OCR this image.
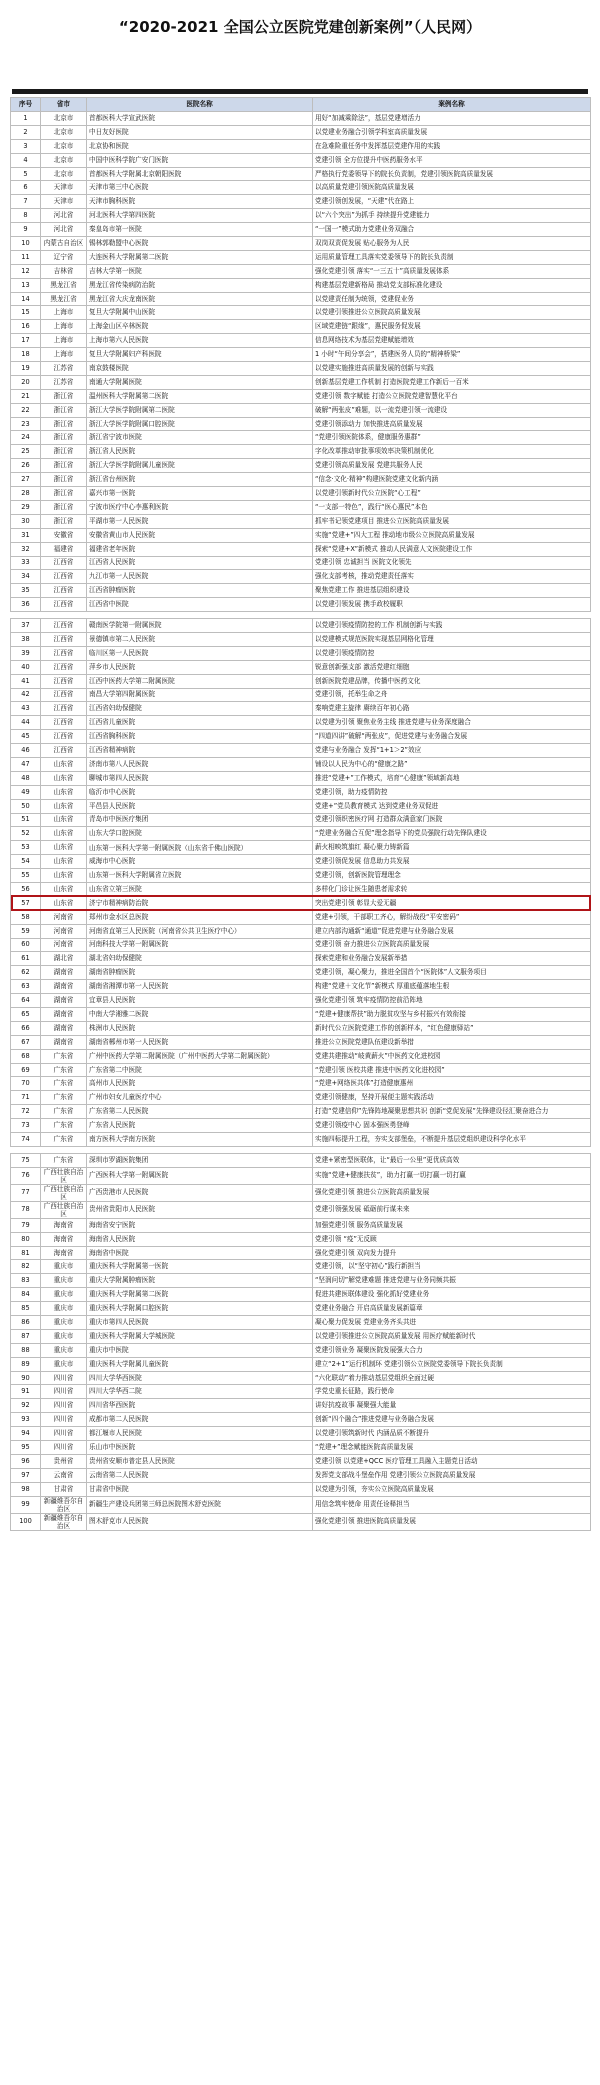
“2020-2021 全国公立医院党建创新案例”（人民网）
序号	省市	医院名称	案例名称
1	北京市	首都医科大学宣武医院	用好“加减乘除法”，基层党建增活力
2	北京市	中日友好医院	以党建业务融合引领学科室高质量发展
3	北京市	北京协和医院	在急难险重任务中发挥基层党建作用的实践
4	北京市	中国中医科学院广安门医院	党建引领 全方位提升中医药服务水平
5	北京市	首都医科大学附属北京朝阳医院	严格执行党委领导下的院长负责制，党建引领医院高质量发展
6	天津市	天津市第三中心医院	以高质量党建引领医院高质量发展
7	天津市	天津市胸科医院	党建引领创发展，“天建”代在路上
8	河北省	河北医科大学第四医院	以“六个突出”为抓手 持续提升党建能力
9	河北省	秦皇岛市第一医院	“一国一”模式助力党建业务双融合
10	内蒙古自治区	锡林郭勒盟中心医院	双岗双责促发展 贴心服务为人民
11	辽宁省	大连医科大学附属第二医院	运用质量管理工具落实党委领导下的院长负责制
12	吉林省	吉林大学第一医院	强化党建引领 落实“一三五十”高质量发展体系
13	黑龙江省	黑龙江省传染病防治院	构建基层党建新格局 推动党支部标准化建设
14	黑龙江省	黑龙江省大庆龙南医院	以党建责任制为统领，党建促业务
15	上海市	复旦大学附属中山医院	以党建引领推进公立医院高质量发展
16	上海市	上海金山区卒林医院	区域党建链“跟缘”，惠民服务促发展
17	上海市	上海市第六人民医院	信息网络技术为基层党建赋能增效
18	上海市	复旦大学附属妇产科医院	1 小时“午间分享会”，搭建医务人员的“精神桥梁”
19	江苏省	南京鼓楼医院	以党建实施推进高质量发展的创新与实践
20	江苏省	南通大学附属医院	创新基层党建工作机制 打造医院党建工作新后一百米
21	浙江省	温州医科大学附属第二医院	党建引领 数字赋能 打造公立医院党建智慧化平台
22	浙江省	浙江大学医学院附属第二医院	破解“两张皮”难题，以一流党建引领一流建设
23	浙江省	浙江大学医学院附属口腔医院	党建引领添动力 加快推进高质量发展
24	浙江省	浙江省宁波市医院	“党建引领医院体系，健康服务惠群”
25	浙江省	浙江省人民医院	字化改革推动审批事项效率决策机制优化
26	浙江省	浙江大学医学院附属儿童医院	党建引领高质量发展 党建共服务人民
27	浙江省	浙江省台州医院	“信念·文化·精神”构建医院党建文化新内涵
28	浙江省	嘉兴市第一医院	以党建引领新时代公立医院“心工程”
29	浙江省	宁波市医疗中心李惠利医院	“一支部一特色”，践行“医心惠民”本色
30	浙江省	平湖市第一人民医院	抓牢书记领党建项目 推进公立医院高质量发展
31	安徽省	安徽省黄山市人民医院	实施“党建+”四大工程 推动地市级公立医院高质量发展
32	福建省	福建省老年医院	探索“党建+X”新模式 推动人民满意人文医院建设工作
33	江西省	江西省人民医院	党建引领 忠诚担当 医院文化领先
34	江西省	九江市第一人民医院	强化支部考核，推动党建责任落实
35	江西省	江西省肿瘤医院	聚焦党建工作 推进基层组织建设
36	江西省	江西省中医院	以党建引领发展 携手政校履职

37	江西省	赣南医学院第一附属医院	以党建引领疫情防控的工作 机制创新与实践
38	江西省	景德镇市第二人民医院	以党建模式规范医院实现基层网格化管理
39	江西省	临川区第一人民医院	以党建引领疫情防控
40	江西省	萍乡市人民医院	锐意创新强支部 激活党建红细胞
41	江西省	江西中医药大学第二附属医院	创新医院党建品牌，传播中医药文化
42	江西省	南昌大学第四附属医院	党建引领，托举生命之舟
43	江西省	江西省妇幼保健院	秦响党建主旋律 赓续百年初心路
44	江西省	江西省儿童医院	以党建为引领 聚焦业务主线 推进党建与业务深度融合
45	江西省	江西省胸科医院	“四道四讲”破解“两张皮”，促进党建与业务融合发展
46	江西省	江西省精神病院	党建与业务融合 发挥“1+1＞2”效应
47	山东省	济南市第八人民医院	铺设以人民为中心的“健康之路”
48	山东省	聊城市第四人民医院	推进“党建+”工作模式，培育“心健康”领域新高地
49	山东省	临沂市中心医院	党建引领，助力疫情防控
50	山东省	平邑县人民医院	党建+”党员教育模式 达到党建业务双促进
51	山东省	青岛市中医医疗集团	党建引领织密医疗网 打造群众满意家门医院
52	山东省	山东大学口腔医院	“党建业务融合互促”理念指导下的党员强院行动先锋队建设
53	山东省	山东第一医科大学第一附属医院（山东省千佛山医院）	薪火相映筑旗红 凝心聚力铸新篇
54	山东省	威海市中心医院	党建引领促发展 信息助力共发展
55	山东省	山东第一医科大学附属省立医院	党建引领，创新医院管理理念
56	山东省	山东省立第三医院	多样化门诊让医生随患者需求转
57	山东省	济宁市精神病防治院	突出党建引领 彰显大爱无疆
58	河南省	郑州市金水区总医院	党建+引领，干部职工齐心，解纷战役“平安密码”
59	河南省	河南省直第三人民医院（河南省公共卫生医疗中心）	建立内部沟通新“通道”促进党建与业务融合发展
60	河南省	河南科技大学第一附属医院	党建引领 奋力推进公立医院高质量发展
61	湖北省	湖北省妇幼保健院	探索党建和业务融合发展新举措
62	湖南省	湖南省肿瘤医院	党建引领，凝心聚力，推进全国首个“医院体”人文服务项目
63	湖南省	湖南省湘潭市第一人民医院	构建“党建＋文化节”新模式 厚重底蕴落地生根
64	湖南省	宜章县人民医院	强化党建引领 筑牢疫情防控前沿阵地
65	湖南省	中南大学湘雅二医院	“党建+健康帮扶”助力脱贫攻坚与乡村振兴有效衔接
66	湖南省	株洲市人民医院	新时代公立医院党建工作的创新样本，“红色健康驿站”
67	湖南省	湖南省郴州市第一人民医院	推进公立医院党建队伍建设新举措
68	广东省	广州中医药大学第二附属医院（广州中医药大学第二附属医院）	党建共建推动“岐黄薪火”中医药文化进校园
69	广东省	广东省第二中医院	“党建引领 医校共建 推进中医药文化进校园”
70	广东省	高州市人民医院	“党建+网络医共体”打造健康惠州
71	广东省	广州市妇女儿童医疗中心	党建引领健康，坚持开展便主题实践活动
72	广东省	广东省第二人民医院	打造“党建信仰”先锋阵地凝聚思想共识 创新“党促发展”先锋建设径汇聚奋进合力
73	广东省	广东省人民医院	党建引领疫中心 固本强医勇登峰
74	广东省	南方医科大学南方医院	实施四标提升工程，夯实支部堡垒，不断提升基层党组织建设科学化水平

75	广东省	深圳市罗湖医院集团	党建+紧密型医联体，让“最后一公里”更优质高效
76	广西壮族自治区	广西医科大学第一附属医院	实施“党建+健康扶贫”，助力打赢一切打赢一切打赢
77	广西壮族自治区	广西贵港市人民医院	强化党建引领 推进公立医院高质量发展
78	广西壮族自治区	贵州省贵阳市人民医院	党建引领强发展 砥砺前行谋未来
79	海南省	海南省安宁医院	加强党建引领 服务高质量发展
80	海南省	海南省人民医院	党建引领 “疫”无反顾
81	海南省	海南省中医院	强化党建引领 双向发力提升
82	重庆市	重庆医科大学附属第一医院	党建引领，以“坚守初心”践行新担当
83	重庆市	重庆大学附属肿瘤医院	“坚润问切”解党建难题 推进党建与业务同频共振
84	重庆市	重庆医科大学附属第二医院	促进共建医联体建设 强化抓好党建业务
85	重庆市	重庆医科大学附属口腔医院	党建业务融合 开启高质量发展新篇章
86	重庆市	重庆市第四人民医院	凝心聚力促发展 党建业务齐头共进
87	重庆市	重庆医科大学附属大学城医院	以党建引领推进公立医院高质量发展 用医疗赋能新时代
88	重庆市	重庆市中医院	党建引领业务 凝聚医院发展强大合力
89	重庆市	重庆医科大学附属儿童医院	建立“2+1”运行机制环 党建引领公立医院党委领导下院长负责制
90	四川省	四川大学华西医院	“六化联动”着力推动基层党组织全面过硬
91	四川省	四川大学华西二院	学党史重长征路，践行使命
92	四川省	四川省华西医院	讲好抗疫故事 凝聚强大能量
93	四川省	成都市第二人民医院	创新“四个融合”推进党建与业务融合发展
94	四川省	都江堰市人民医院	以党建引领筑新时代 内涵品质不断提升
95	四川省	乐山市中医医院	“党建+”理念赋能医院高质量发展
96	贵州省	贵州省安顺市普定县人民医院	党建引领 以党建+QCC 医疗管理工具融入主题党日活动
97	云南省	云南省第二人民医院	发挥党支部战斗堡垒作用 党建引领公立医院高质量发展
98	甘肃省	甘肃省中医院	以党建为引领，夯实公立医院高质量发展
99	新疆维吾尔自治区	新疆生产建设兵团第三师总医院图木舒克医院	用信念筑牢使命 用责任诠释担当
100	新疆维吾尔自治区	图木舒克市人民医院	强化党建引领 推进医院高质量发展
